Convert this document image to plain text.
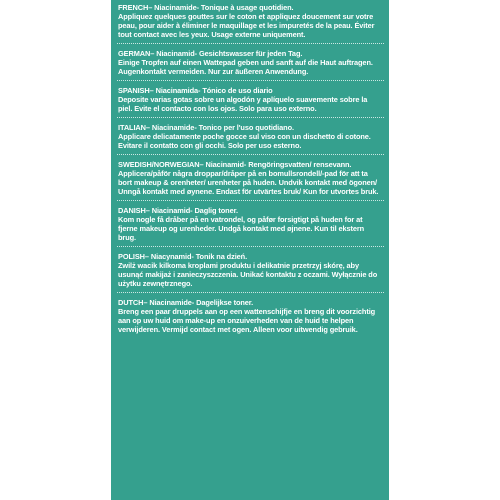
FRENCH– Niacinamide- Tonique à usage quotidien.
Appliquez quelques gouttes sur le coton et appliquez doucement sur votre peau, pour aider à éliminer le maquillage et les impuretés de la peau. Éviter tout contact avec les yeux. Usage externe uniquement.
GERMAN– Niacinamid- Gesichtswasser für jeden Tag.
Einige Tropfen auf einen Wattepad geben und sanft auf die Haut auftragen. Augenkontakt vermeiden. Nur zur äußeren Anwendung.
SPANISH– Niacinamida- Tónico de uso diario
Deposite varias gotas sobre un algodón y aplíquelo suavemente sobre la piel. Evite el contacto con los ojos. Solo para uso externo.
ITALIAN– Niacinamide- Tonico per l'uso quotidiano.
Applicare delicatamente poche gocce sul viso con un dischetto di cotone. Evitare il contatto con gli occhi. Solo per uso esterno.
SWEDISH/NORWEGIAN– Niacinamid- Rengöringsvatten/ rensevann.
Applicera/påför några droppar/dråper på en bomullsrondell/-pad för att ta bort makeup & orenheter/ urenheter på huden. Undvik kontakt med ögonen/ Unngå kontakt med øynene. Endast för utvärtes bruk/ Kun for utvortes bruk.
DANISH– Niacinamid- Daglig toner.
Kom nogle få dråber på en vatrondel, og påfør forsigtigt på huden for at fjerne makeup og urenheder. Undgå kontakt med øjnene. Kun til ekstern brug.
POLISH– Niacynamid- Tonik na dzień.
Zwilż wacik kilkoma kroplami produktu i delikatnie przetrzyj skórę, aby usunąć makijaż i zanieczyszczenia. Unikać kontaktu z oczami. Wyłącznie do użytku zewnętrznego.
DUTCH– Niacinamide- Dagelijkse toner.
Breng een paar druppels aan op een wattenschijfje en breng dit voorzichtig aan op uw huid om make-up en onzuiverheden van de huid te helpen verwijderen. Vermijd contact met ogen. Alleen voor uitwendig gebruik.
